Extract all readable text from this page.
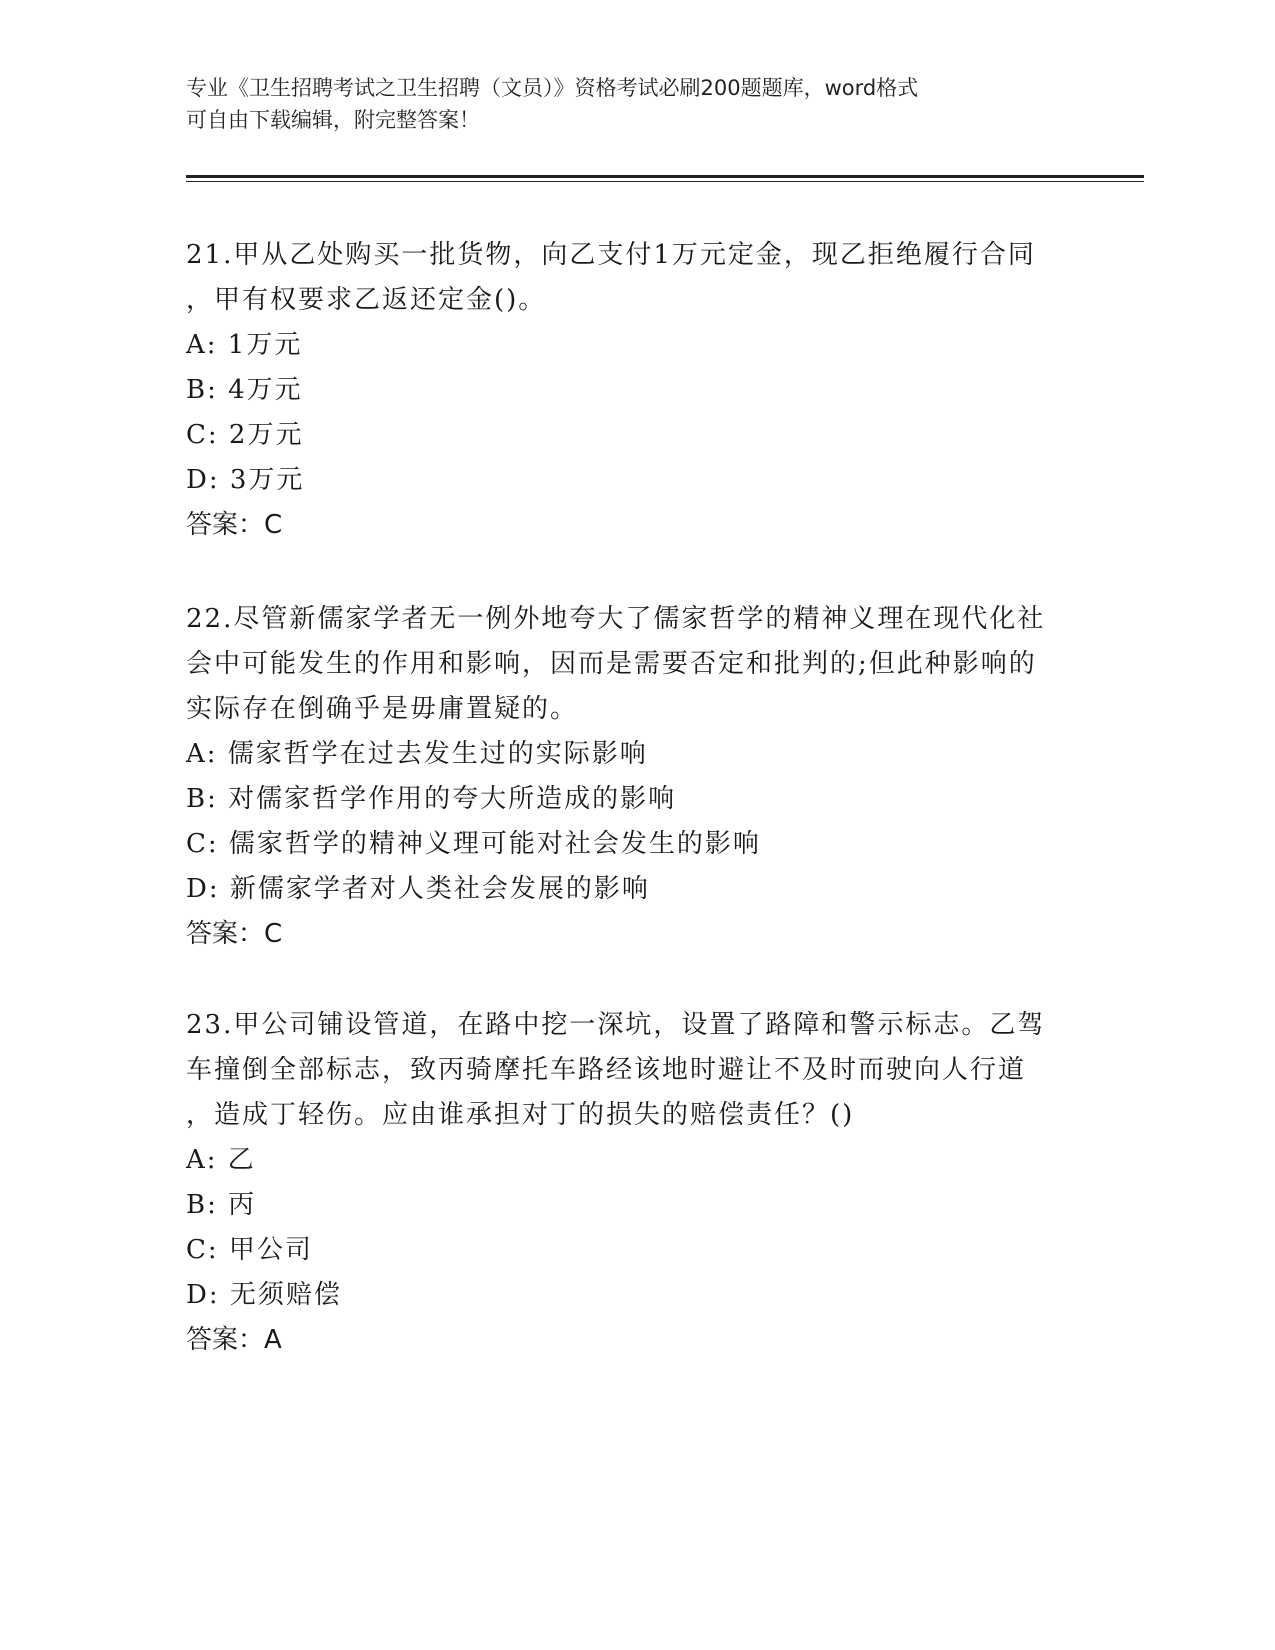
专业《卫生招聘考试之卫生招聘（文员）》资格考试必刷200题题库，word格式
可自由下载编辑，附完整答案！

21.甲从乙处购买一批货物，向乙支付1万元定金，现乙拒绝履行合同

，甲有权要求乙返还定金()。

A: 1万元

B: 4万元

C: 2万元

D: 3万元

答案：C

22.尽管新儒家学者无一例外地夸大了儒家哲学的精神义理在现代化社

会中可能发生的作用和影响，因而是需要否定和批判的;但此种影响的

实际存在倒确乎是毋庸置疑的。

A: 儒家哲学在过去发生过的实际影响

B: 对儒家哲学作用的夸大所造成的影响

C: 儒家哲学的精神义理可能对社会发生的影响

D: 新儒家学者对人类社会发展的影响

答案：C

23.甲公司铺设管道，在路中挖一深坑，设置了路障和警示标志。乙驾

车撞倒全部标志，致丙骑摩托车路经该地时避让不及时而驶向人行道

，造成丁轻伤。应由谁承担对丁的损失的赔偿责任？()

A: 乙

B: 丙

C: 甲公司

D: 无须赔偿

答案：A
